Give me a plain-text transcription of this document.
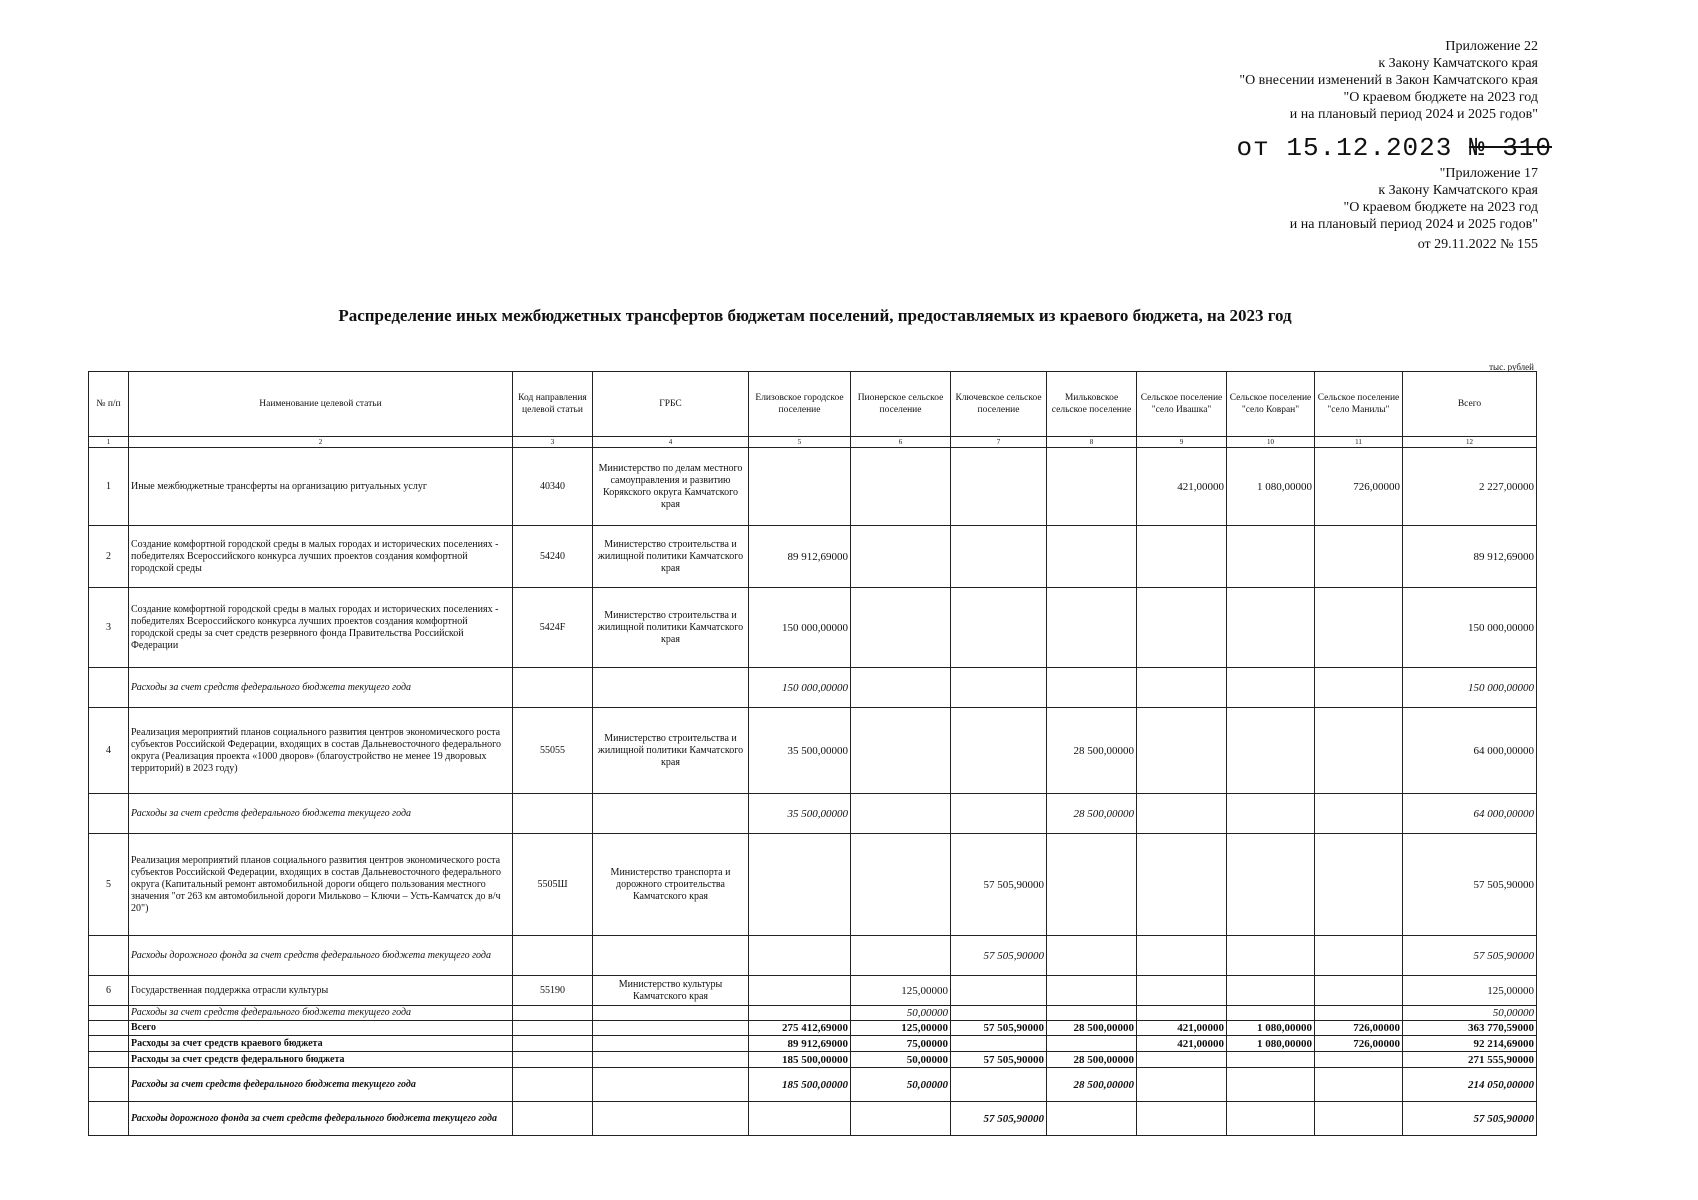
Приложение 22
к Закону Камчатского края
"О внесении изменений в Закон Камчатского края
"О краевом бюджете на 2023 год
и на плановый период 2024 и 2025 годов"
от 15.12.2023 № 310
"Приложение 17
к Закону Камчатского края
"О краевом бюджете на 2023 год
и на плановый период 2024 и 2025 годов"
от 29.11.2022 № 155
Распределение иных межбюджетных трансфертов бюджетам поселений, предоставляемых из краевого бюджета, на 2023 год
тыс. рублей
№ п/п	Наименование целевой статьи	Код направления целевой статьи	ГРБС	Елизовское городское поселение	Пионерское сельское поселение	Ключевское сельское поселение	Мильковское сельское поселение	Сельское поселение "село Ивашка"	Сельское поселение "село Ковран"	Сельское поселение "село Манилы"	Всего
1	2	3	4	5	6	7	8	9	10	11	12
1	Иные межбюджетные трансферты на организацию ритуальных услуг	40340	Министерство по делам местного самоуправления и развитию Корякского округа Камчатского края					421,00000	1 080,00000	726,00000	2 227,00000
2	Создание комфортной городской среды в малых городах и исторических поселениях - победителях Всероссийского конкурса лучших проектов создания комфортной городской среды	54240	Министерство строительства и жилищной политики Камчатского края	89 912,69000							89 912,69000
3	Создание комфортной городской среды в малых городах и исторических поселениях - победителях Всероссийского конкурса лучших проектов создания комфортной городской среды за счет средств резервного фонда Правительства Российской Федерации	5424F	Министерство строительства и жилищной политики Камчатского края	150 000,00000							150 000,00000
	Расходы за счет средств федерального бюджета текущего года			150 000,00000							150 000,00000
4	Реализация мероприятий планов социального развития центров экономического роста субъектов Российской Федерации, входящих в состав Дальневосточного федерального округа (Реализация проекта «1000 дворов» (благоустройство не менее 19 дворовых территорий) в 2023 году)	55055	Министерство строительства и жилищной политики Камчатского края	35 500,00000			28 500,00000				64 000,00000
	Расходы за счет средств федерального бюджета текущего года			35 500,00000			28 500,00000				64 000,00000
5	Реализация мероприятий планов социального развития центров экономического роста субъектов Российской Федерации, входящих в состав Дальневосточного федерального округа (Капитальный ремонт автомобильной дороги общего пользования местного значения "от 263 км автомобильной дороги Мильково – Ключи – Усть-Камчатск до в/ч 20")	5505Ш	Министерство транспорта и дорожного строительства Камчатского края			57 505,90000					57 505,90000
	Расходы дорожного фонда за счет средств федерального бюджета текущего года					57 505,90000					57 505,90000
6	Государственная поддержка отрасли культуры	55190	Министерство культуры Камчатского края		125,00000						125,00000
	Расходы за счет средств федерального бюджета текущего года				50,00000						50,00000
	Всего			275 412,69000	125,00000	57 505,90000	28 500,00000	421,00000	1 080,00000	726,00000	363 770,59000
	Расходы за счет средств краевого бюджета			89 912,69000	75,00000			421,00000	1 080,00000	726,00000	92 214,69000
	Расходы за счет средств федерального бюджета			185 500,00000	50,00000	57 505,90000	28 500,00000				271 555,90000
	Расходы за счет средств федерального бюджета текущего года			185 500,00000	50,00000		28 500,00000				214 050,00000
	Расходы дорожного фонда за счет средств федерального бюджета текущего года					57 505,90000					57 505,90000
